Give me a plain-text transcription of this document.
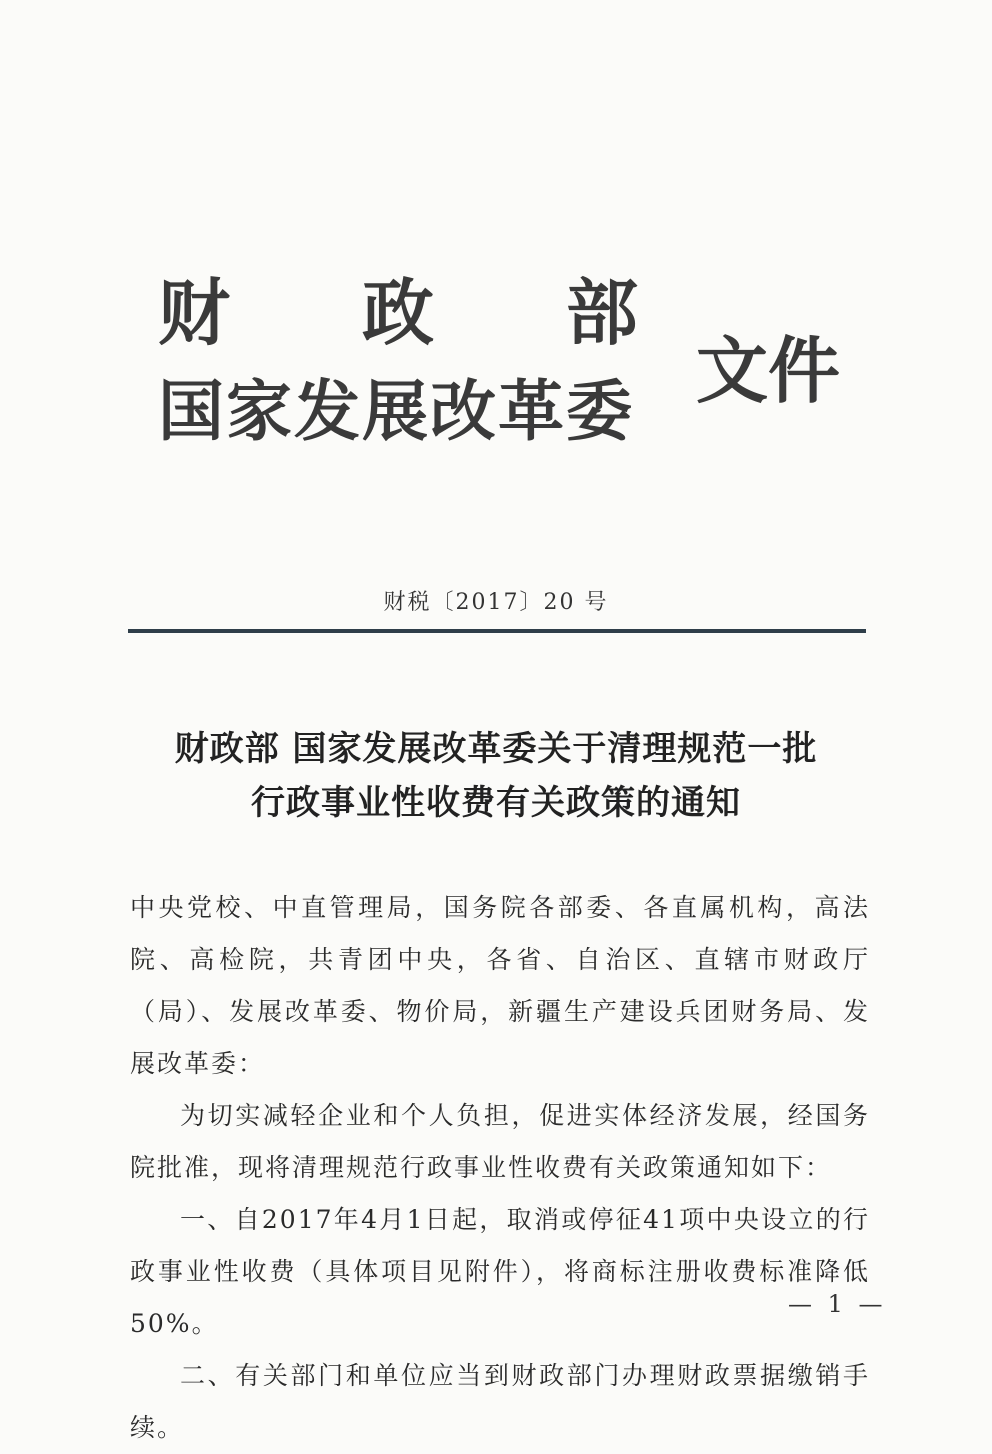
财政部
国家发展改革委 文件
财税〔2017〕20 号
财政部 国家发展改革委关于清理规范一批
行政事业性收费有关政策的通知

中央党校、中直管理局，国务院各部委、各直属机构，高法院、高检院，共青团中央，各省、自治区、直辖市财政厅（局）、发展改革委、物价局，新疆生产建设兵团财务局、发展改革委：

为切实减轻企业和个人负担，促进实体经济发展，经国务院批准，现将清理规范行政事业性收费有关政策通知如下：

一、自2017年4月1日起，取消或停征41项中央设立的行政事业性收费（具体项目见附件），将商标注册收费标准降低50%。

二、有关部门和单位应当到财政部门办理财政票据缴销手续。

— 1 —
